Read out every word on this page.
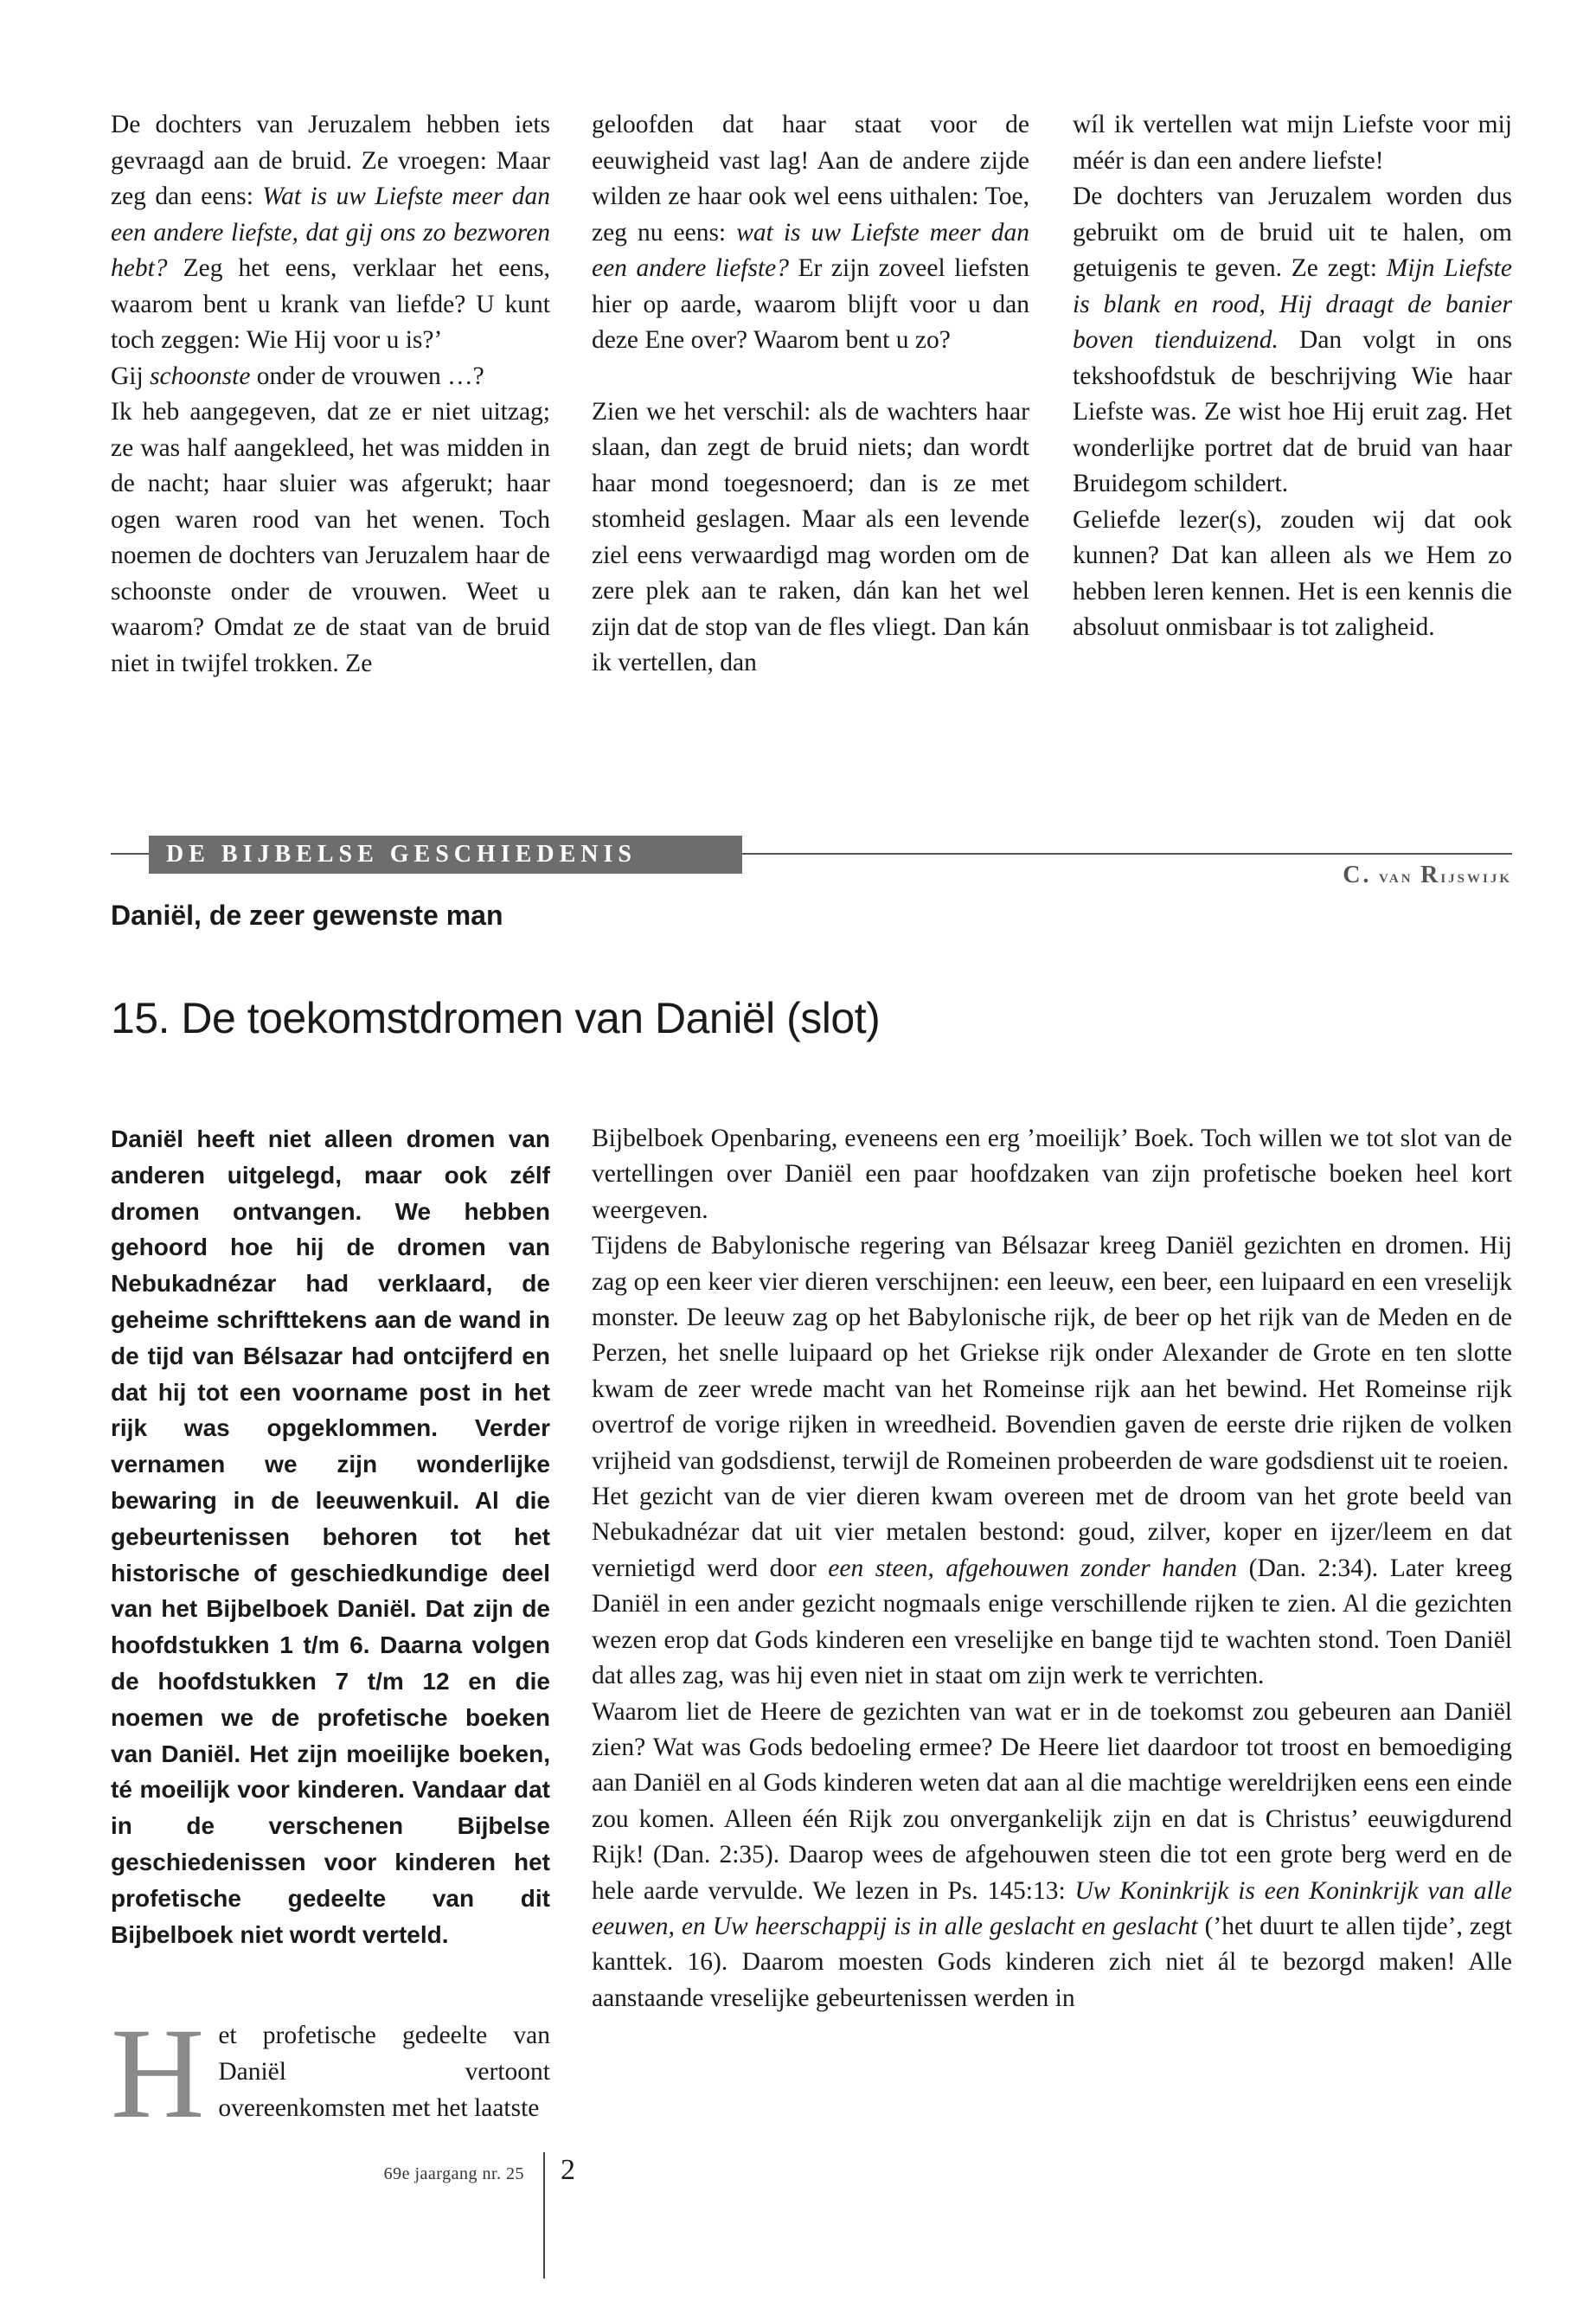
De dochters van Jeruzalem hebben iets gevraagd aan de bruid. Ze vroegen: Maar zeg dan eens: Wat is uw Liefste meer dan een andere liefste, dat gij ons zo bezworen hebt? Zeg het eens, verklaar het eens, waarom bent u krank van liefde? U kunt toch zeggen: Wie Hij voor u is?’

Gij schoonste onder de vrouwen …?

Ik heb aangegeven, dat ze er niet uitzag; ze was half aangekleed, het was midden in de nacht; haar sluier was afgerukt; haar ogen waren rood van het wenen. Toch noemen de dochters van Jeruzalem haar de schoonste onder de vrouwen. Weet u waarom? Omdat ze de staat van de bruid niet in twijfel trokken. Ze

geloofden dat haar staat voor de eeuwigheid vast lag! Aan de andere zijde wilden ze haar ook wel eens uithalen: Toe, zeg nu eens: wat is uw Liefste meer dan een andere liefste? Er zijn zoveel liefsten hier op aarde, waarom blijft voor u dan deze Ene over? Waarom bent u zo?

Zien we het verschil: als de wachters haar slaan, dan zegt de bruid niets; dan wordt haar mond toegesnoerd; dan is ze met stomheid geslagen. Maar als een levende ziel eens verwaardigd mag worden om de zere plek aan te raken, dán kan het wel zijn dat de stop van de fles vliegt. Dan kán ik vertellen, dan

wíl ik vertellen wat mijn Liefste voor mij méér is dan een andere liefste!

De dochters van Jeruzalem worden dus gebruikt om de bruid uit te halen, om getuigenis te geven. Ze zegt: Mijn Liefste is blank en rood, Hij draagt de banier boven tienduizend. Dan volgt in ons tekshoofdstuk de beschrijving Wie haar Liefste was. Ze wist hoe Hij eruit zag. Het wonderlijke portret dat de bruid van haar Bruidegom schildert.

Geliefde lezer(s), zouden wij dat ook kunnen? Dat kan alleen als we Hem zo hebben leren kennen. Het is een kennis die absoluut onmisbaar is tot zaligheid.

DE BIJBELSE GESCHIEDENIS
C. van Rijswijk
Daniël, de zeer gewenste man
15. De toekomstdromen van Daniël (slot)

Daniël heeft niet alleen dromen van anderen uitgelegd, maar ook zélf dromen ontvangen. We hebben gehoord hoe hij de dromen van Nebukadnézar had verklaard, de geheime schrifttekens aan de wand in de tijd van Bélsazar had ontcijferd en dat hij tot een voorname post in het rijk was opgeklommen. Verder vernamen we zijn wonderlijke bewaring in de leeuwenkuil. Al die gebeurtenissen behoren tot het historische of geschiedkundige deel van het Bijbelboek Daniël. Dat zijn de hoofdstukken 1 t/m 6. Daarna volgen de hoofdstukken 7 t/m 12 en die noemen we de profetische boeken van Daniël. Het zijn moeilijke boeken, té moeilijk voor kinderen. Vandaar dat in de verschenen Bijbelse geschiedenissen voor kinderen het profetische gedeelte van dit Bijbelboek niet wordt verteld.

Het profetische gedeelte van Daniël vertoont overeenkomsten met het laatste

Bijbelboek Openbaring, eveneens een erg ’moeilijk’ Boek. Toch willen we tot slot van de vertellingen over Daniël een paar hoofdzaken van zijn profetische boeken heel kort weergeven.

Tijdens de Babylonische regering van Bélsazar kreeg Daniël gezichten en dromen. Hij zag op een keer vier dieren verschijnen: een leeuw, een beer, een luipaard en een vreselijk monster. De leeuw zag op het Babylonische rijk, de beer op het rijk van de Meden en de Perzen, het snelle luipaard op het Griekse rijk onder Alexander de Grote en ten slotte kwam de zeer wrede macht van het Romeinse rijk aan het bewind. Het Romeinse rijk overtrof de vorige rijken in wreedheid. Bovendien gaven de eerste drie rijken de volken vrijheid van godsdienst, terwijl de Romeinen probeerden de ware godsdienst uit te roeien.

Het gezicht van de vier dieren kwam overeen met de droom van het grote beeld van Nebukadnézar dat uit vier metalen bestond: goud, zilver, koper en ijzer/leem en dat vernietigd werd door een steen, afgehouwen zonder handen (Dan. 2:34). Later kreeg Daniël in een ander gezicht nogmaals enige verschillende rijken te zien. Al die gezichten wezen erop dat Gods kinderen een vreselijke en bange tijd te wachten stond. Toen Daniël dat alles zag, was hij even niet in staat om zijn werk te verrichten.

Waarom liet de Heere de gezichten van wat er in de toekomst zou gebeuren aan Daniël zien? Wat was Gods bedoeling ermee? De Heere liet daardoor tot troost en bemoediging aan Daniël en al Gods kinderen weten dat aan al die machtige wereldrijken eens een einde zou komen. Alleen één Rijk zou onvergankelijk zijn en dat is Christus’ eeuwigdurend Rijk! (Dan. 2:35). Daarop wees de afgehouwen steen die tot een grote berg werd en de hele aarde vervulde. We lezen in Ps. 145:13: Uw Koninkrijk is een Koninkrijk van alle eeuwen, en Uw heerschappij is in alle geslacht en geslacht (’het duurt te allen tijde’, zegt kanttek. 16). Daarom moesten Gods kinderen zich niet ál te bezorgd maken! Alle aanstaande vreselijke gebeurtenissen werden in

69e jaargang nr. 25 2
